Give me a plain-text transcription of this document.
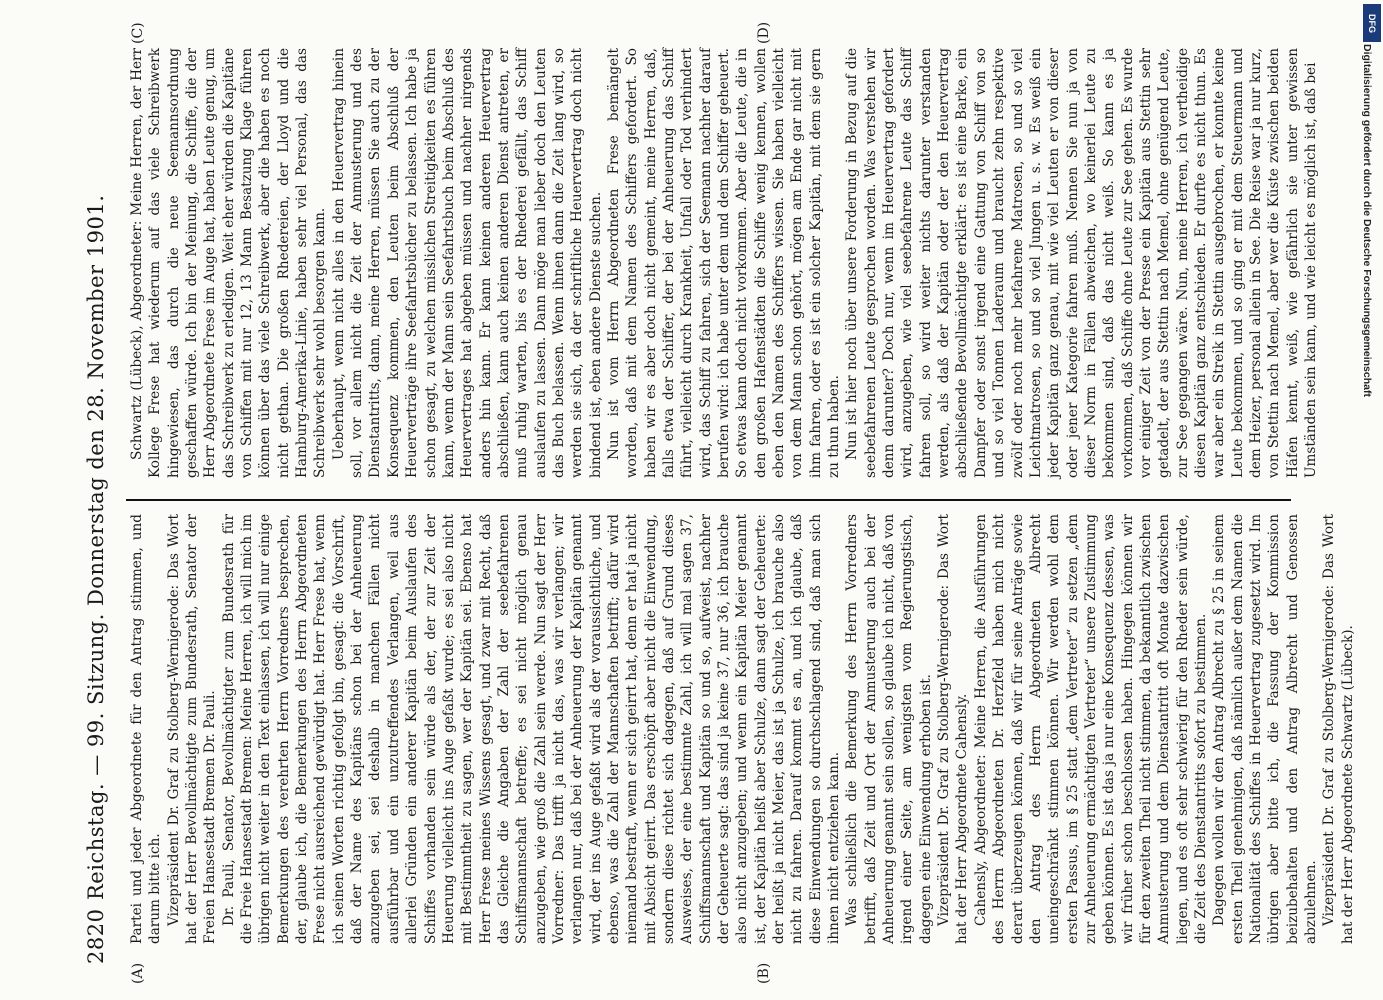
2820
Reichstag. — 99. Sitzung. Donnerstag den 28. November 1901.
(A)	(B)
(C)	(D)

Partei und jeder Abgeordnete für den Antrag stimmen, und darum bitte ich. Vizepräsident Dr. Graf zu Stolberg-Wernigerode: Das Wort hat der Herr Bevollmächtigte zum Bundesrath, Senator der Freien Hansestadt Bremen Dr. Pauli. Dr. Pauli, Senator, Bevollmächtigter zum Bundesrath für die Freie Hansestadt Bremen: Meine Herren, ich will mich im übrigen nicht weiter in den Text einlassen, ich will nur einige Bemerkungen des verehrten Herrn Vorredners besprechen, der, glaube ich, die Bemerkungen des Herrn Abgeordneten Frese nicht ausreichend gewürdigt hat. Herr Frese hat, wenn ich seinen Worten richtig gefolgt bin, gesagt: die Vorschrift, daß der Name des Kapitäns schon bei der Anheuerung anzugeben sei, sei deshalb in manchen Fällen nicht ausführbar und ein unzutreffendes Verlangen, weil aus allerlei Gründen ein anderer Kapitän beim Auslaufen des Schiffes vorhanden sein würde als der, der zur Zeit der Heuerung vielleicht ins Auge gefaßt wurde; es sei also nicht mit Bestimmtheit zu sagen, wer der Kapitän sei. Ebenso hat Herr Frese meines Wissens gesagt, und zwar mit Recht, daß das Gleiche die Angaben der Zahl der seebefahrenen Schiffsmannschaft betreffe; es sei nicht möglich genau anzugeben, wie groß die Zahl sein werde. Nun sagt der Herr Vorredner: Das trifft ja nicht das, was wir verlangen; wir verlangen nur, daß bei der Anheuerung der Kapitän genannt wird, der ins Auge gefaßt wird als der voraussichtliche, und ebenso, was die Zahl der Mannschaften betrifft; dafür wird niemand bestraft, wenn er sich geirrt hat, denn er hat ja nicht mit Absicht geirrt. Das erschöpft aber nicht die Einwendung, sondern diese richtet sich dagegen, daß auf Grund dieses Ausweises, der eine bestimmte Zahl, ich will mal sagen 37, Schiffsmannschaft und Kapitän so und so, aufweist, nachher der Geheuerte sagt: das sind ja keine 37, nur 36, ich brauche also nicht anzugeben; und wenn ein Kapitän Meier genannt ist, der Kapitän heißt aber Schulze, dann sagt der Geheuerte: der heißt ja nicht Meier, das ist ja Schulze, ich brauche also nicht zu fahren. Darauf kommt es an, und ich glaube, daß diese Einwendungen so durchschlagend sind, daß man sich ihnen nicht entziehen kann. Was schließlich die Bemerkung des Herrn Vorredners betrifft, daß Zeit und Ort der Anmusterung auch bei der Anheuerung genannt sein sollen, so glaube ich nicht, daß von irgend einer Seite, am wenigsten vom Regierungstisch, dagegen eine Einwendung erhoben ist. Vizepräsident Dr. Graf zu Stolberg-Wernigerode: Das Wort hat der Herr Abgeordnete Cahensly. Cahensly, Abgeordneter: Meine Herren, die Ausführungen des Herrn Abgeordneten Dr. Herzfeld haben mich nicht derart überzeugen können, daß wir für seine Anträge sowie den Antrag des Herrn Abgeordneten Albrecht uneingeschränkt stimmen können. Wir werden wohl dem ersten Passus, im § 25 statt „dem Vertreter“ zu setzen „dem zur Anheuerung ermächtigten Vertreter“ unsere Zustimmung geben können. Es ist das ja nur eine Konsequenz dessen, was wir früher schon beschlossen haben. Hingegen können wir für den zweiten Theil nicht stimmen, da bekanntlich zwischen Anmusterung und dem Dienstantritt oft Monate dazwischen liegen, und es oft sehr schwierig für den Rheder sein würde, die Zeit des Dienstantritts sofort zu bestimmen. Dagegen wollen wir den Antrag Albrecht zu § 25 in seinem ersten Theil genehmigen, daß nämlich außer dem Namen die Nationalität des Schiffes in Heuervertrag zugesetzt wird. Im übrigen aber bitte ich, die Fassung der Kommission beizubehalten und den Antrag Albrecht und Genossen abzulehnen. Vizepräsident Dr. Graf zu Stolberg-Wernigerode: Das Wort hat der Herr Abgeordnete Schwartz (Lübeck).

Schwartz (Lübeck), Abgeordneter: Meine Herren, der Herr Kollege Frese hat wiederum auf das viele Schreibwerk hingewiesen, das durch die neue Seemannsordnung geschaffen würde. Ich bin der Meinung, die Schiffe, die der Herr Abgeordnete Frese im Auge hat, haben Leute genug, um das Schreibwerk zu erledigen. Weit eher würden die Kapitäne von Schiffen mit nur 12, 13 Mann Besatzung Klage führen können über das viele Schreibwerk, aber die haben es noch nicht gethan. Die großen Rhedereien, der Lloyd und die Hamburg-Amerika-Linie, haben sehr viel Personal, das das Schreibwerk sehr wohl besorgen kann. Ueberhaupt, wenn nicht alles in den Heuervertrag hinein soll, vor allem nicht die Zeit der Anmusterung und des Dienstantritts, dann, meine Herren, müssen Sie auch zu der Konsequenz kommen, den Leuten beim Abschluß der Heuerverträge ihre Seefahrtsbücher zu belassen. Ich habe ja schon gesagt, zu welchen misslichen Streitigkeiten es führen kann, wenn der Mann sein Seefahrtsbuch beim Abschluß des Heuervertrages hat abgeben müssen und nachher nirgends anders hin kann. Er kann keinen anderen Heuervertrag abschließen, kann auch keinen anderen Dienst antreten, er muß ruhig warten, bis es der Rhederei gefällt, das Schiff auslaufen zu lassen. Dann möge man lieber doch den Leuten das Buch belassen. Wenn ihnen dann die Zeit lang wird, so werden sie sich, da der schriftliche Heuervertrag doch nicht bindend ist, eben andere Dienste suchen. Nun ist vom Herrn Abgeordneten Frese bemängelt worden, daß mit dem Namen des Schiffers gefordert. So haben wir es aber doch nicht gemeint, meine Herren, daß, falls etwa der Schiffer, der bei der Anheuerung das Schiff führt, vielleicht durch Krankheit, Unfall oder Tod verhindert wird, das Schiff zu fahren, sich der Seemann nachher darauf berufen wird: ich habe unter dem und dem Schiffer geheuert. So etwas kann doch nicht vorkommen. Aber die Leute, die in den großen Hafenstädten die Schiffe wenig kennen, wollen eben den Namen des Schiffers wissen. Sie haben vielleicht von dem Mann schon gehört, mögen am Ende gar nicht mit ihm fahren, oder es ist ein solcher Kapitän, mit dem sie gern zu thun haben. Nun ist hier noch über unsere Forderung in Bezug auf die seebefahrenen Leute gesprochen worden. Was verstehen wir denn darunter? Doch nur, wenn im Heuervertrag gefordert wird, anzugeben, wie viel seebefahrene Leute das Schiff fahren soll, so wird weiter nichts darunter verstanden werden, als daß der Kapitän oder der den Heuervertrag abschließende Bevollmächtigte erklärt: es ist eine Barke, ein Dampfer oder sonst irgend eine Gattung von Schiff von so und so viel Tonnen Laderaum und braucht zehn respektive zwölf oder noch mehr befahrene Matrosen, so und so viel Leichtmatrosen, so und so viel Jungen u. s. w. Es weiß ein jeder Kapitän ganz genau, mit wie viel Leuten er von dieser oder jener Kategorie fahren muß. Nennen Sie nun ja von dieser Norm in Fällen abweichen, wo keinerlei Leute zu bekommen sind, daß das nicht weiß. So kann es ja vorkommen, daß Schiffe ohne Leute zur See gehen. Es wurde vor einiger Zeit von der Presse ein Kapitän aus Stettin sehr getadelt, der aus Stettin nach Memel, ohne genügend Leute, zur See gegangen wäre. Nun, meine Herren, ich vertheidige diesen Kapitän ganz entschieden. Er durfte es nicht thun. Es war aber ein Streik in Stettin ausgebrochen, er konnte keine Leute bekommen, und so ging er mit dem Steuermann und dem Heizer, personal allein in See. Die Reise war ja nur kurz, von Stettin nach Memel, aber wer die Küste zwischen beiden Häfen kennt, weiß, wie gefährlich sie unter gewissen Umständen sein kann, und wie leicht es möglich ist, daß bei

DFG
Digitalisierung gefördert durch die Deutsche Forschungsgemeinschaft
